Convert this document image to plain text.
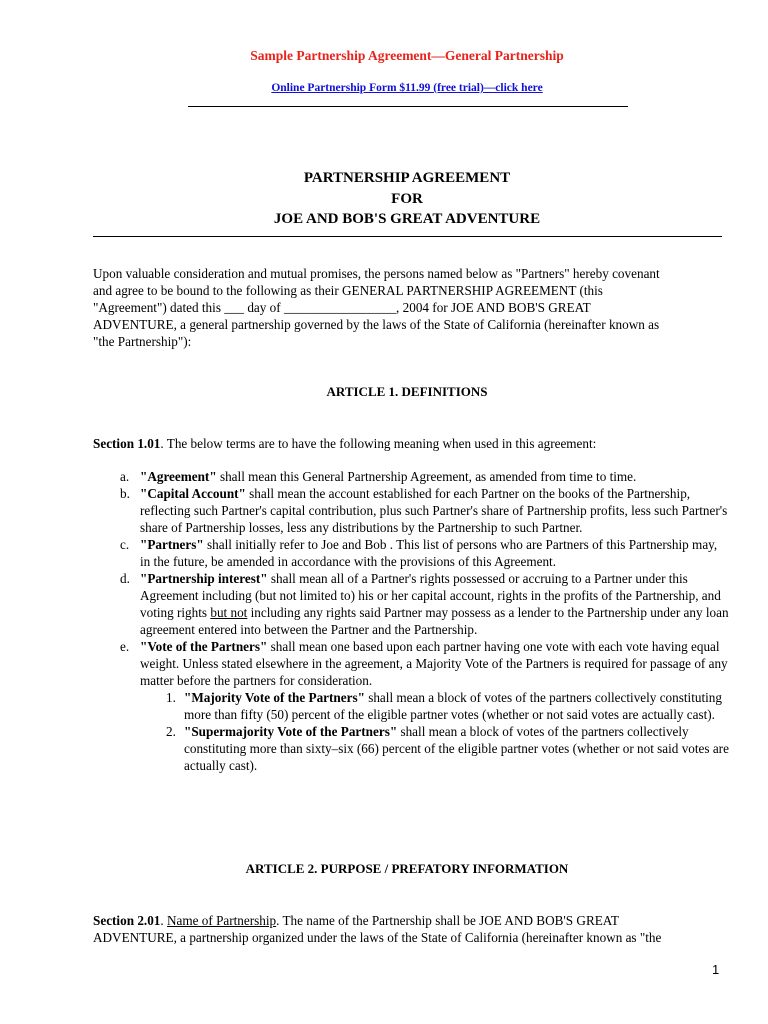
Sample Partnership Agreement––General Partnership
Online Partnership Form $11.99 (free trial)––click here
PARTNERSHIP AGREEMENT
FOR
JOE AND BOB'S GREAT ADVENTURE
Upon valuable consideration and mutual promises, the persons named below as "Partners" hereby covenant
and agree to be bound to the following as their GENERAL PARTNERSHIP AGREEMENT (this
"Agreement") dated this ___ day of _________________, 2004 for JOE AND BOB'S GREAT
ADVENTURE, a general partnership governed by the laws of the State of California (hereinafter known as
"the Partnership"):
ARTICLE 1. DEFINITIONS
Section 1.01. The below terms are to have the following meaning when used in this agreement:
a. "Agreement" shall mean this General Partnership Agreement, as amended from time to time.
b. "Capital Account" shall mean the account established for each Partner on the books of the Partnership, reflecting such Partner's capital contribution, plus such Partner's share of Partnership profits, less such Partner's share of Partnership losses, less any distributions by the Partnership to such Partner.
c. "Partners" shall initially refer to Joe and Bob . This list of persons who are Partners of this Partnership may, in the future, be amended in accordance with the provisions of this Agreement.
d. "Partnership interest" shall mean all of a Partner's rights possessed or accruing to a Partner under this Agreement including (but not limited to) his or her capital account, rights in the profits of the Partnership, and voting rights but not including any rights said Partner may possess as a lender to the Partnership under any loan agreement entered into between the Partner and the Partnership.
e. "Vote of the Partners" shall mean one based upon each partner having one vote with each vote having equal weight. Unless stated elsewhere in the agreement, a Majority Vote of the Partners is required for passage of any matter before the partners for consideration.
1. "Majority Vote of the Partners" shall mean a block of votes of the partners collectively constituting more than fifty (50) percent of the eligible partner votes (whether or not said votes are actually cast).
2. "Supermajority Vote of the Partners" shall mean a block of votes of the partners collectively constituting more than sixty–six (66) percent of the eligible partner votes (whether or not said votes are actually cast).
ARTICLE 2. PURPOSE / PREFATORY INFORMATION
Section 2.01. Name of Partnership. The name of the Partnership shall be JOE AND BOB'S GREAT
ADVENTURE, a partnership organized under the laws of the State of California (hereinafter known as "the
1
